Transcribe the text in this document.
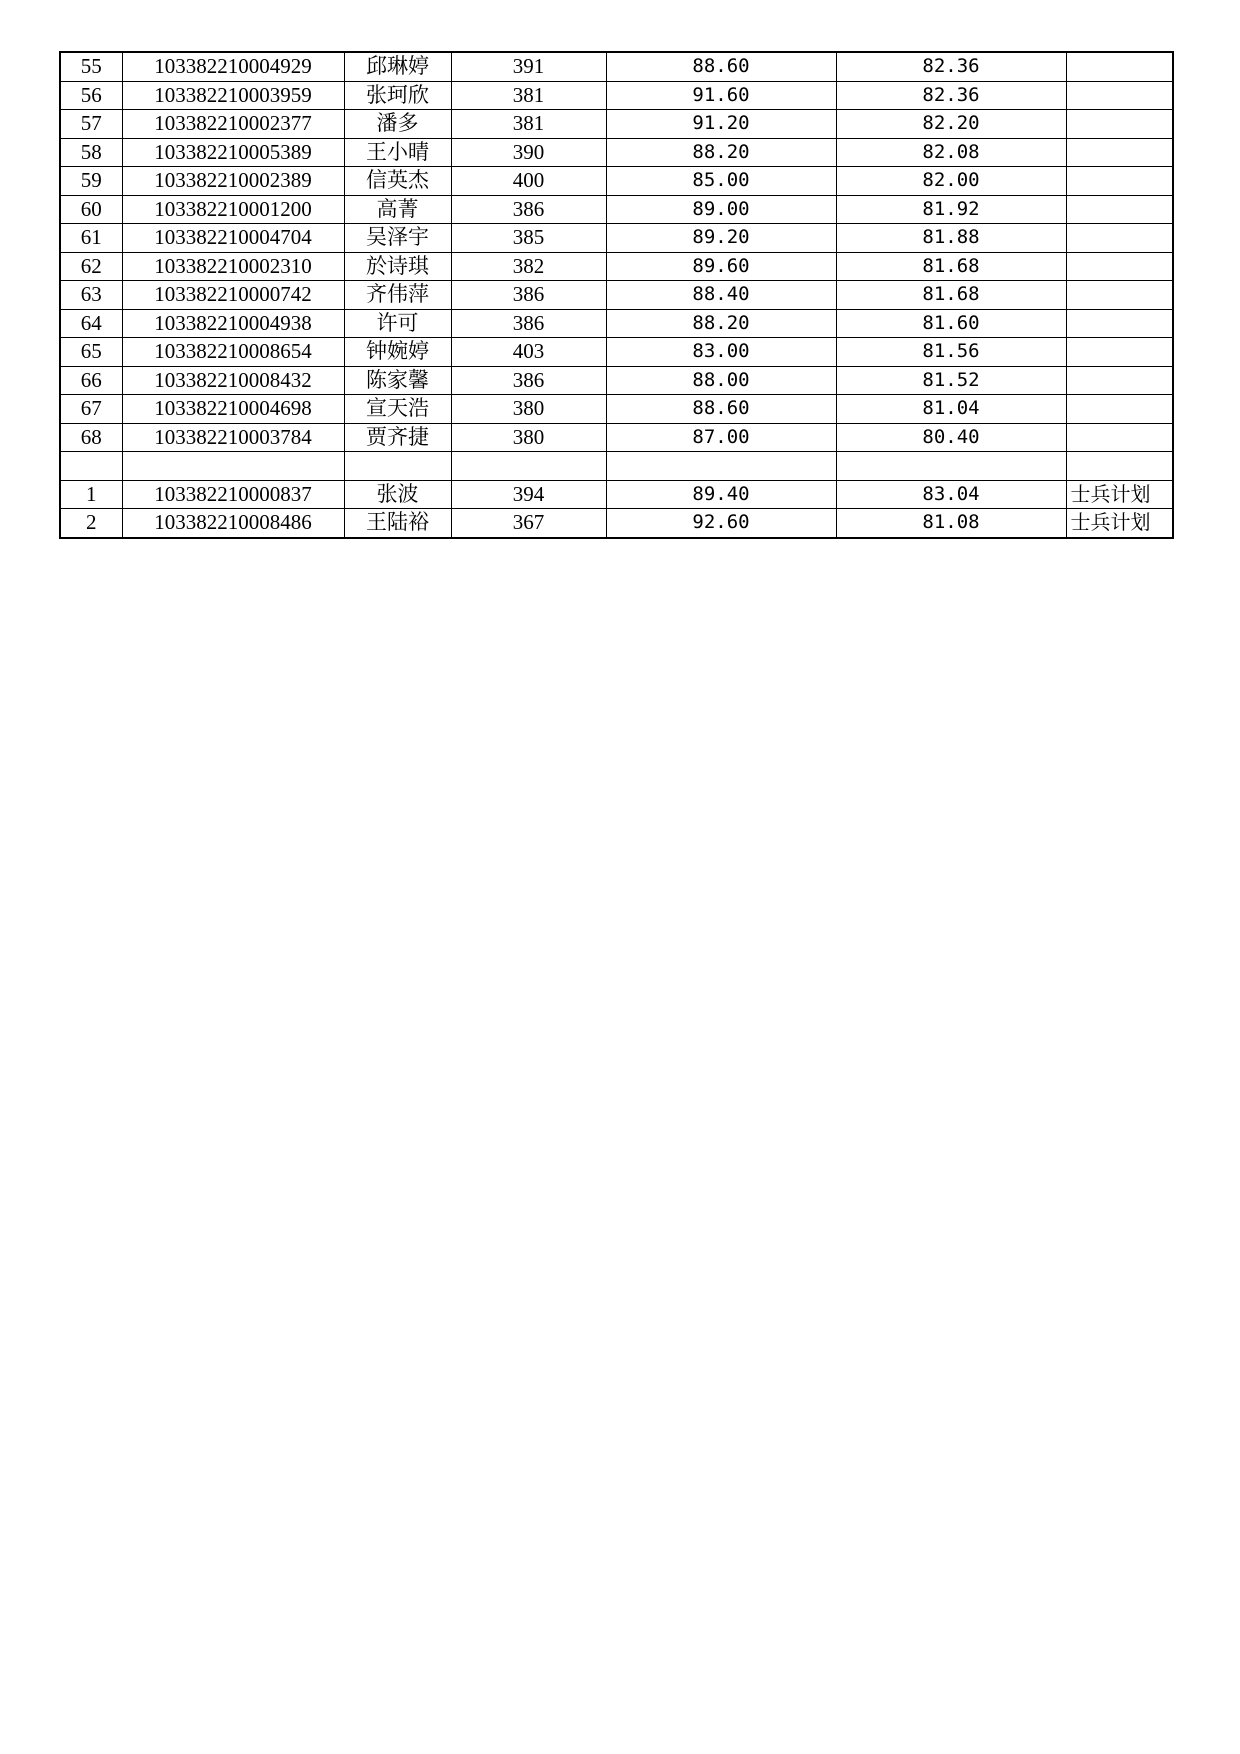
55	103382210004929	邱琳婷	391	88.60	82.36	
56	103382210003959	张珂欣	381	91.60	82.36	
57	103382210002377	潘多	381	91.20	82.20	
58	103382210005389	王小晴	390	88.20	82.08	
59	103382210002389	信英杰	400	85.00	82.00	
60	103382210001200	高菁	386	89.00	81.92	
61	103382210004704	吴泽宇	385	89.20	81.88	
62	103382210002310	於诗琪	382	89.60	81.68	
63	103382210000742	齐伟萍	386	88.40	81.68	
64	103382210004938	许可	386	88.20	81.60	
65	103382210008654	钟婉婷	403	83.00	81.56	
66	103382210008432	陈家馨	386	88.00	81.52	
67	103382210004698	宣天浩	380	88.60	81.04	
68	103382210003784	贾齐捷	380	87.00	80.40	

1	103382210000837	张波	394	89.40	83.04	士兵计划
2	103382210008486	王陆裕	367	92.60	81.08	士兵计划
